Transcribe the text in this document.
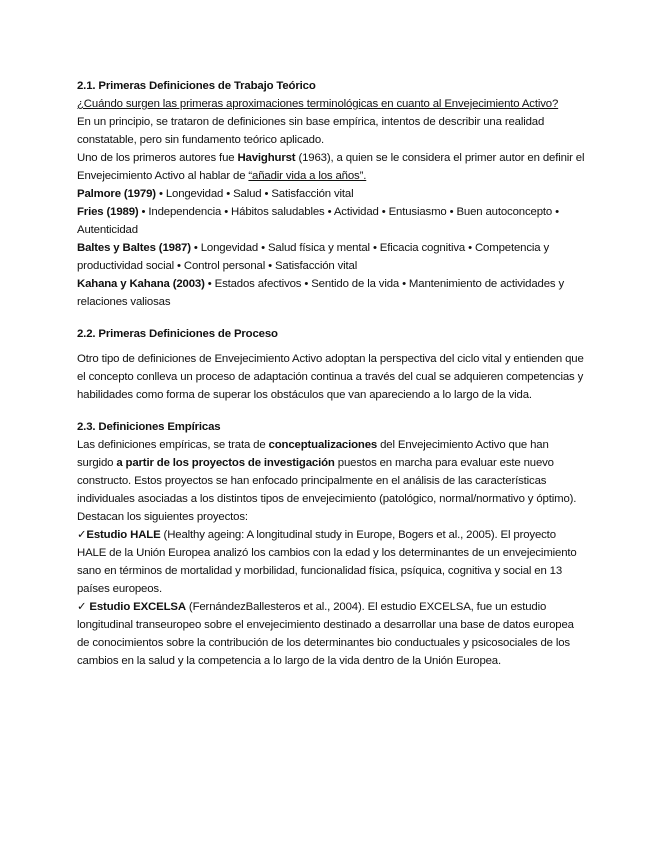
2.1. Primeras Definiciones de Trabajo Teórico

¿Cuándo surgen las primeras aproximaciones terminológicas en cuanto al Envejecimiento Activo?

En un principio, se trataron de definiciones sin base empírica, intentos de describir una realidad constatable, pero sin fundamento teórico aplicado.

Uno de los primeros autores fue Havighurst (1963), a quien se le considera el primer autor en definir el Envejecimiento Activo al hablar de “añadir vida a los años”.

Palmore (1979) • Longevidad • Salud • Satisfacción vital

Fries (1989) • Independencia • Hábitos saludables • Actividad • Entusiasmo • Buen autoconcepto • Autenticidad

Baltes y Baltes (1987) • Longevidad • Salud física y mental • Eficacia cognitiva • Competencia y productividad social • Control personal • Satisfacción vital

Kahana y Kahana (2003) • Estados afectivos • Sentido de la vida • Mantenimiento de actividades y relaciones valiosas

2.2. Primeras Definiciones de Proceso

Otro tipo de definiciones de Envejecimiento Activo adoptan la perspectiva del ciclo vital y entienden que el concepto conlleva un proceso de adaptación continua a través del cual se adquieren competencias y habilidades como forma de superar los obstáculos que van apareciendo a lo largo de la vida.

2.3. Definiciones Empíricas

Las definiciones empíricas, se trata de conceptualizaciones del Envejecimiento Activo que han surgido a partir de los proyectos de investigación puestos en marcha para evaluar este nuevo constructo. Estos proyectos se han enfocado principalmente en el análisis de las características individuales asociadas a los distintos tipos de envejecimiento (patológico, normal/normativo y óptimo). Destacan los siguientes proyectos:

✓Estudio HALE (Healthy ageing: A longitudinal study in Europe, Bogers et al., 2005). El proyecto HALE de la Unión Europea analizó los cambios con la edad y los determinantes de un envejecimiento sano en términos de mortalidad y morbilidad, funcionalidad física, psíquica, cognitiva y social en 13 países europeos.

✓ Estudio EXCELSA (FernándezBallesteros et al., 2004). El estudio EXCELSA, fue un estudio longitudinal transeuropeo sobre el envejecimiento destinado a desarrollar una base de datos europea de conocimientos sobre la contribución de los determinantes bio conductuales y psicosociales de los cambios en la salud y la competencia a lo largo de la vida dentro de la Unión Europea.
